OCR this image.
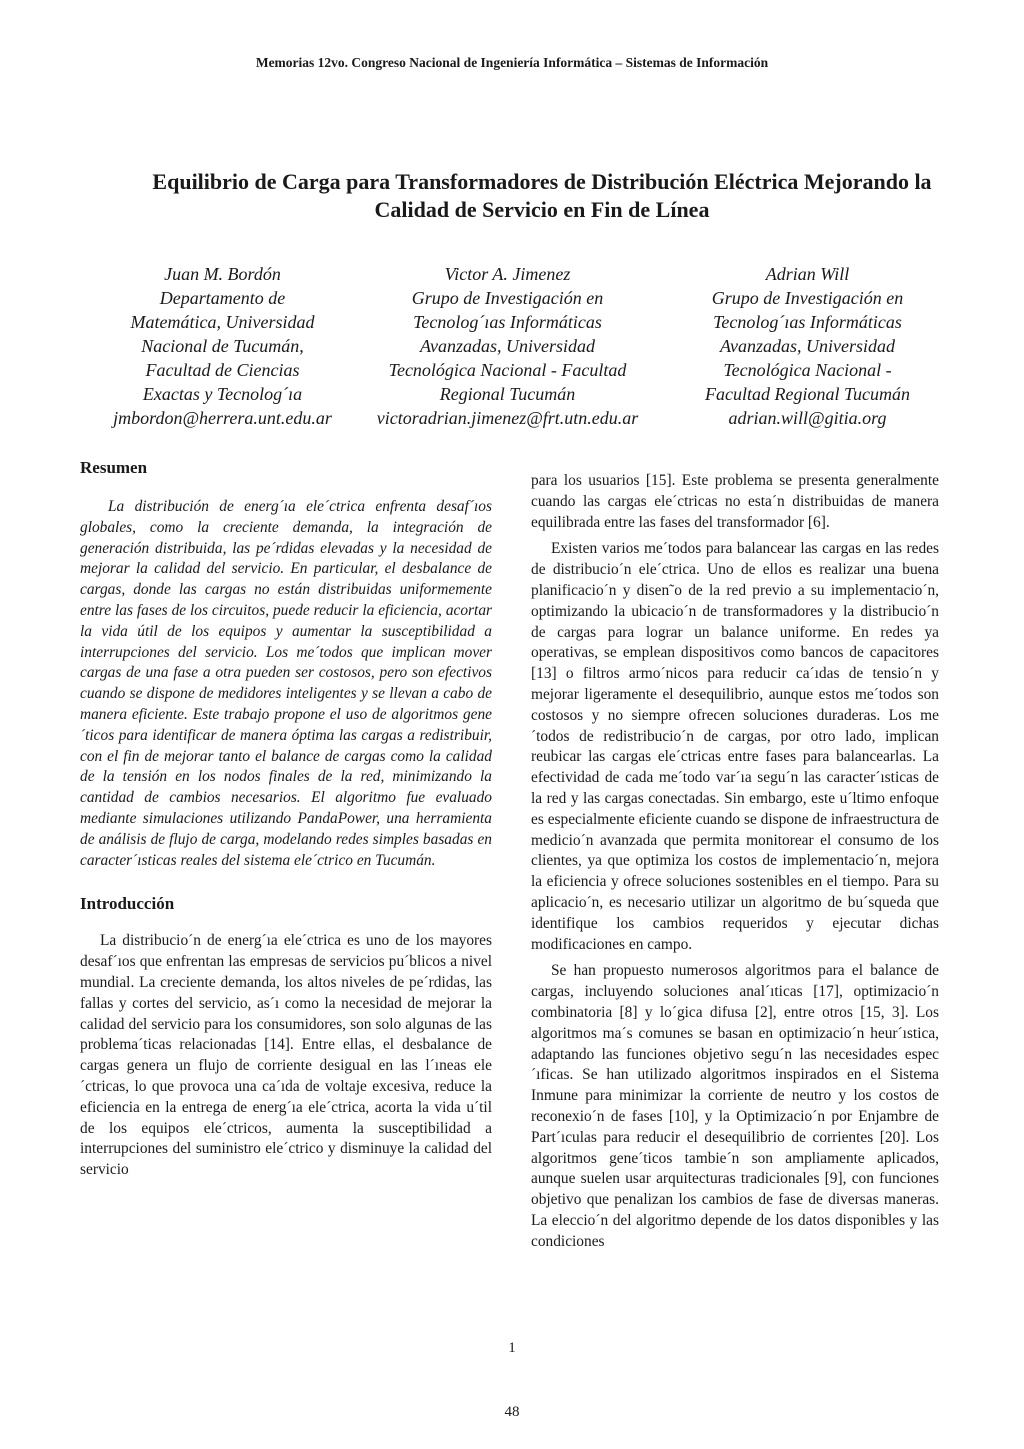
Memorias 12vo. Congreso Nacional de Ingeniería Informática – Sistemas de Información
Equilibrio de Carga para Transformadores de Distribución Eléctrica Mejorando la
Calidad de Servicio en Fin de Línea
Juan M. Bordón
Departamento de
Matemática, Universidad
Nacional de Tucumán,
Facultad de Ciencias
Exactas y Tecnolog´ıa
jmbordon@herrera.unt.edu.ar
Victor A. Jimenez
Grupo de Investigación en
Tecnolog´ıas Informáticas
Avanzadas, Universidad
Tecnológica Nacional - Facultad
Regional Tucumán
victoradrian.jimenez@frt.utn.edu.ar
Adrian Will
Grupo de Investigación en
Tecnolog´ıas Informáticas
Avanzadas, Universidad
Tecnológica Nacional -
Facultad Regional Tucumán
adrian.will@gitia.org
Resumen

La distribución de energ´ıa ele´ctrica enfrenta desaf´ıos globales, como la creciente demanda, la integración de generación distribuida, las pe´rdidas elevadas y la necesidad de mejorar la calidad del servicio. En particular, el desbalance de cargas, donde las cargas no están distribuidas uniformemente entre las fases de los circuitos, puede reducir la eficiencia, acortar la vida útil de los equipos y aumentar la susceptibilidad a interrupciones del servicio. Los me´todos que implican mover cargas de una fase a otra pueden ser costosos, pero son efectivos cuando se dispone de medidores inteligentes y se llevan a cabo de manera eficiente. Este trabajo propone el uso de algoritmos gene´ticos para identificar de manera óptima las cargas a redistribuir, con el fin de mejorar tanto el balance de cargas como la calidad de la tensión en los nodos finales de la red, minimizando la cantidad de cambios necesarios. El algoritmo fue evaluado mediante simulaciones utilizando PandaPower, una herramienta de análisis de flujo de carga, modelando redes simples basadas en caracter´ısticas reales del sistema ele´ctrico en Tucumán.

Introducción

La distribucio´n de energ´ıa ele´ctrica es uno de los mayores desaf´ıos que enfrentan las empresas de servicios pu´blicos a nivel mundial. La creciente demanda, los altos niveles de pe´rdidas, las fallas y cortes del servicio, as´ı como la necesidad de mejorar la calidad del servicio para los consumidores, son solo algunas de las problema´ticas relacionadas [14]. Entre ellas, el desbalance de cargas genera un flujo de corriente desigual en las l´ıneas ele´ctricas, lo que provoca una ca´ıda de voltaje excesiva, reduce la eficiencia en la entrega de energ´ıa ele´ctrica, acorta la vida u´til de los equipos ele´ctricos, aumenta la susceptibilidad a interrupciones del suministro ele´ctrico y disminuye la calidad del servicio

para los usuarios [15]. Este problema se presenta generalmente cuando las cargas ele´ctricas no esta´n distribuidas de manera equilibrada entre las fases del transformador [6].

Existen varios me´todos para balancear las cargas en las redes de distribucio´n ele´ctrica. Uno de ellos es realizar una buena planificacio´n y disen˜o de la red previo a su implementacio´n, optimizando la ubicacio´n de transformadores y la distribucio´n de cargas para lograr un balance uniforme. En redes ya operativas, se emplean dispositivos como bancos de capacitores [13] o filtros armo´nicos para reducir ca´ıdas de tensio´n y mejorar ligeramente el desequilibrio, aunque estos me´todos son costosos y no siempre ofrecen soluciones duraderas. Los me´todos de redistribucio´n de cargas, por otro lado, implican reubicar las cargas ele´ctricas entre fases para balancearlas. La efectividad de cada me´todo var´ıa segu´n las caracter´ısticas de la red y las cargas conectadas. Sin embargo, este u´ltimo enfoque es especialmente eficiente cuando se dispone de infraestructura de medicio´n avanzada que permita monitorear el consumo de los clientes, ya que optimiza los costos de implementacio´n, mejora la eficiencia y ofrece soluciones sostenibles en el tiempo. Para su aplicacio´n, es necesario utilizar un algoritmo de bu´squeda que identifique los cambios requeridos y ejecutar dichas modificaciones en campo.

Se han propuesto numerosos algoritmos para el balance de cargas, incluyendo soluciones anal´ıticas [17], optimizacio´n combinatoria [8] y lo´gica difusa [2], entre otros [15, 3]. Los algoritmos ma´s comunes se basan en optimizacio´n heur´ıstica, adaptando las funciones objetivo segu´n las necesidades espec´ıficas. Se han utilizado algoritmos inspirados en el Sistema Inmune para minimizar la corriente de neutro y los costos de reconexio´n de fases [10], y la Optimizacio´n por Enjambre de Part´ıculas para reducir el desequilibrio de corrientes [20]. Los algoritmos gene´ticos tambie´n son ampliamente aplicados, aunque suelen usar arquitecturas tradicionales [9], con funciones objetivo que penalizan los cambios de fase de diversas maneras. La eleccio´n del algoritmo depende de los datos disponibles y las condiciones

1
48
